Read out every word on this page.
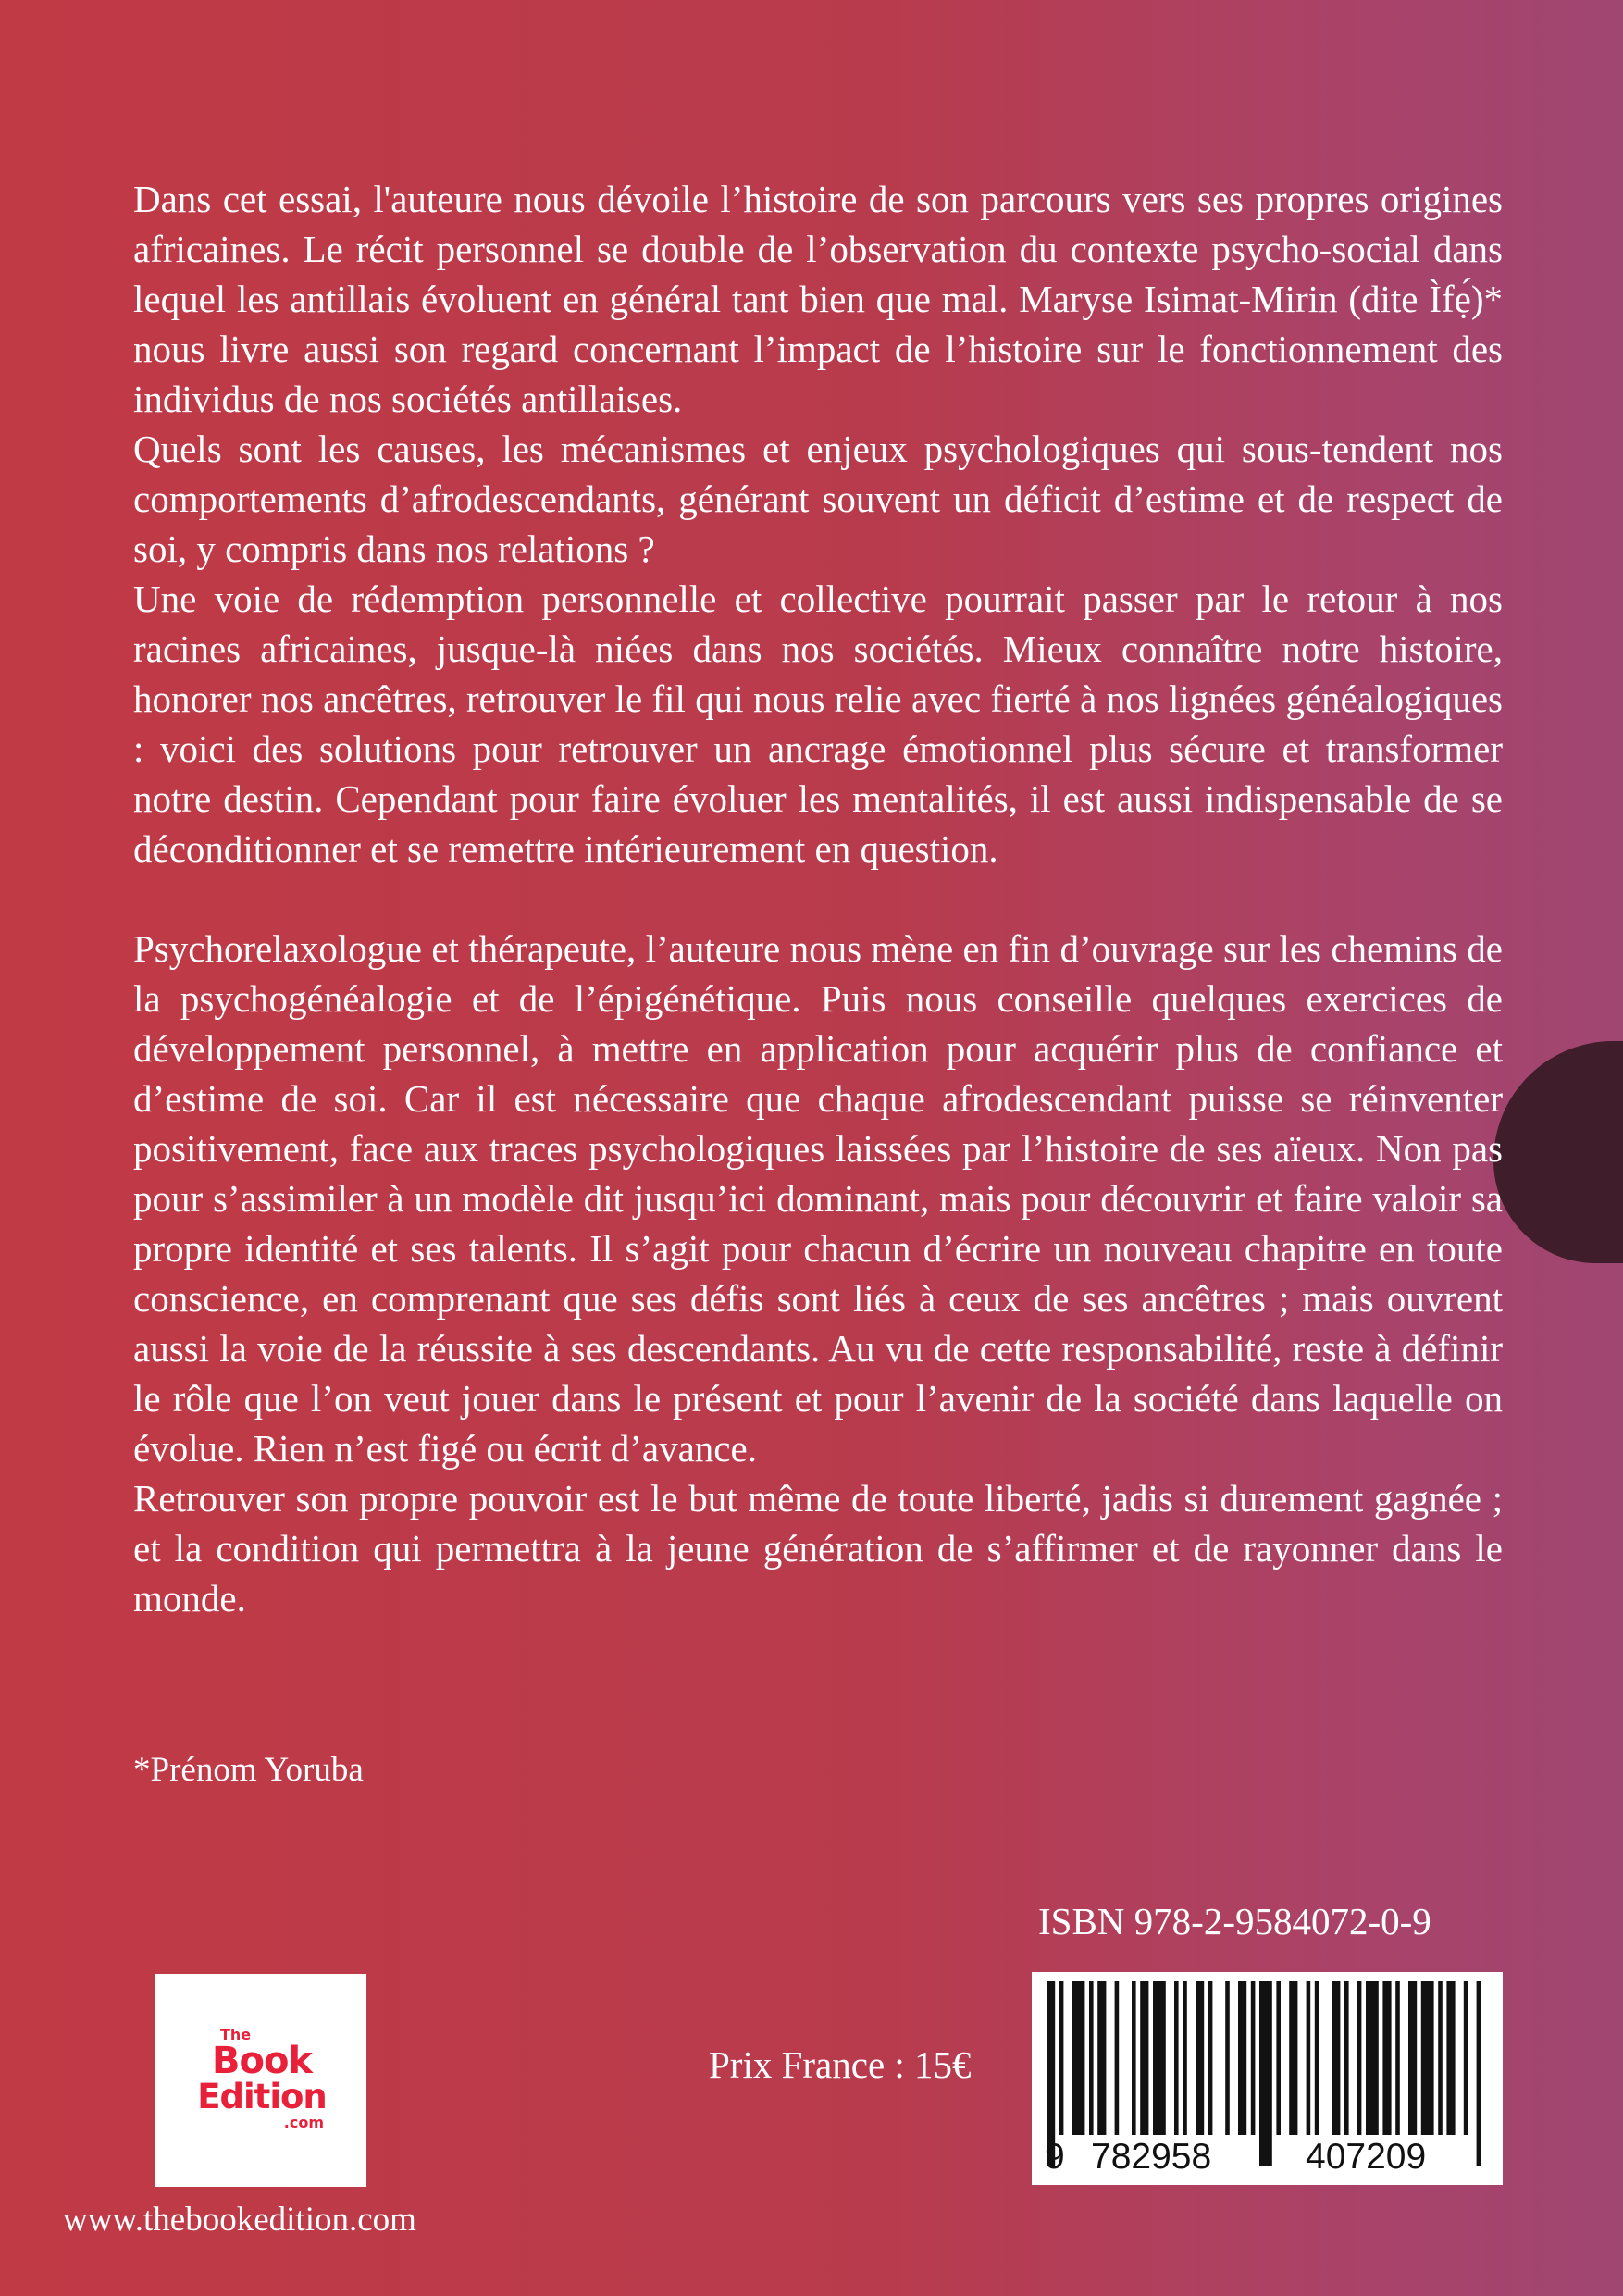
Dans cet essai, l'auteure nous dévoile l’histoire de son parcours vers ses propres origines africaines. Le récit personnel se double de l’observation du contexte psycho-social dans lequel les antillais évoluent en général tant bien que mal. Maryse Isimat-Mirin (dite Ìfẹ́)* nous livre aussi son regard concernant l’impact de l’histoire sur le fonctionnement des individus de nos sociétés antillaises.

Quels sont les causes, les mécanismes et enjeux psychologiques qui sous-tendent nos comportements d’afrodescendants, générant souvent un déficit d’estime et de respect de soi, y compris dans nos relations ?

Une voie de rédemption personnelle et collective pourrait passer par le retour à nos racines africaines, jusque-là niées dans nos sociétés. Mieux connaître notre histoire, honorer nos ancêtres, retrouver le fil qui nous relie avec fierté à nos lignées généalogiques : voici des solutions pour retrouver un ancrage émotionnel plus sécure et transformer notre destin. Cependant pour faire évoluer les mentalités, il est aussi indispensable de se déconditionner et se remettre intérieurement en question.

Psychorelaxologue et thérapeute, l’auteure nous mène en fin d’ouvrage sur les chemins de la psychogénéalogie et de l’épigénétique. Puis nous conseille quelques exercices de développement personnel, à mettre en application pour acquérir plus de confiance et d’estime de soi. Car il est nécessaire que chaque afrodescendant puisse se réinventer positivement, face aux traces psychologiques laissées par l’histoire de ses aïeux. Non pas pour s’assimiler à un modèle dit jusqu’ici dominant, mais pour découvrir et faire valoir sa propre identité et ses talents. Il s’agit pour chacun d’écrire un nouveau chapitre en toute conscience, en comprenant que ses défis sont liés à ceux de ses ancêtres ; mais ouvrent aussi la voie de la réussite à ses descendants. Au vu de cette responsabilité, reste à définir le rôle que l’on veut jouer dans le présent et pour l’avenir de la société dans laquelle on évolue. Rien n’est figé ou écrit d’avance.

Retrouver son propre pouvoir est le but même de toute liberté, jadis si durement gagnée ; et la condition qui permettra à la jeune génération de s’affirmer et de rayonner dans le monde.

*Prénom Yoruba
ISBN 978-2-9584072-0-9
The
Book
Edition
.com
Prix France : 15€
9 782958	407209
www.thebookedition.com
